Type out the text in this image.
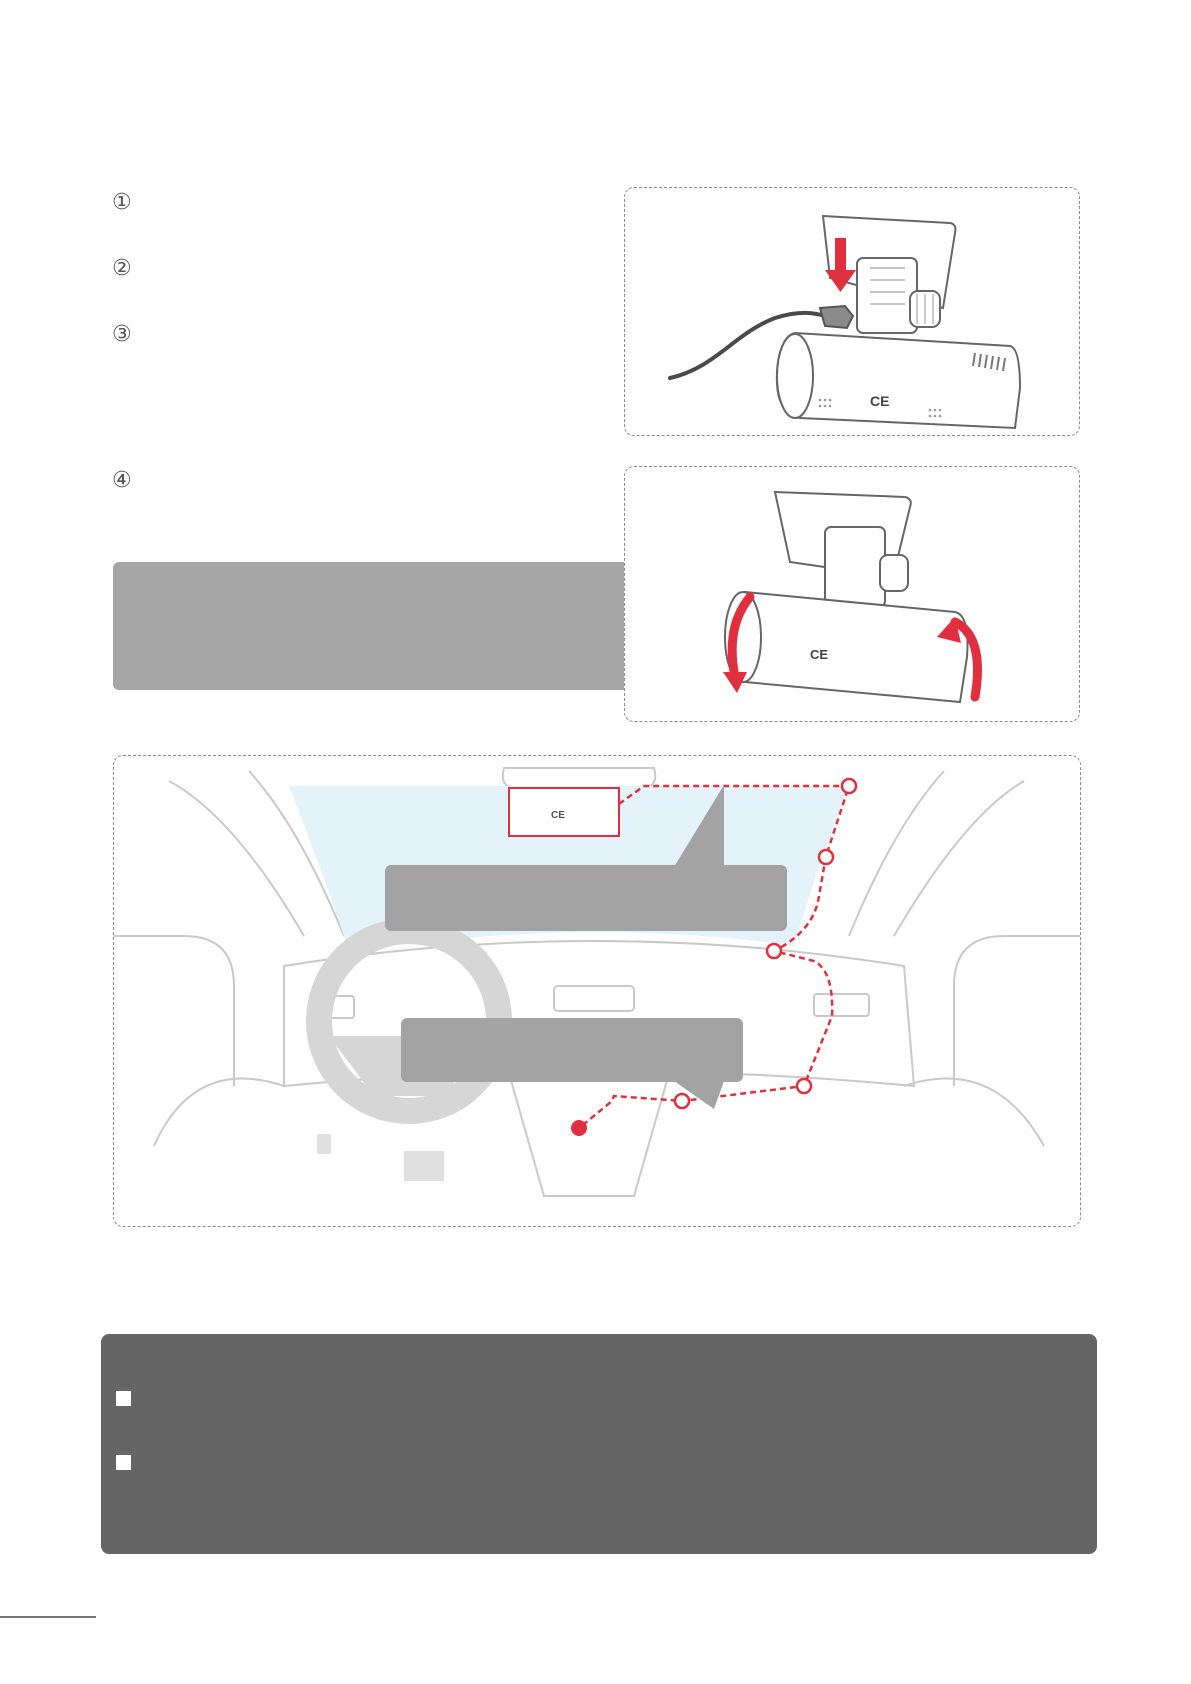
①
②
③
④
CE
CE
CE
